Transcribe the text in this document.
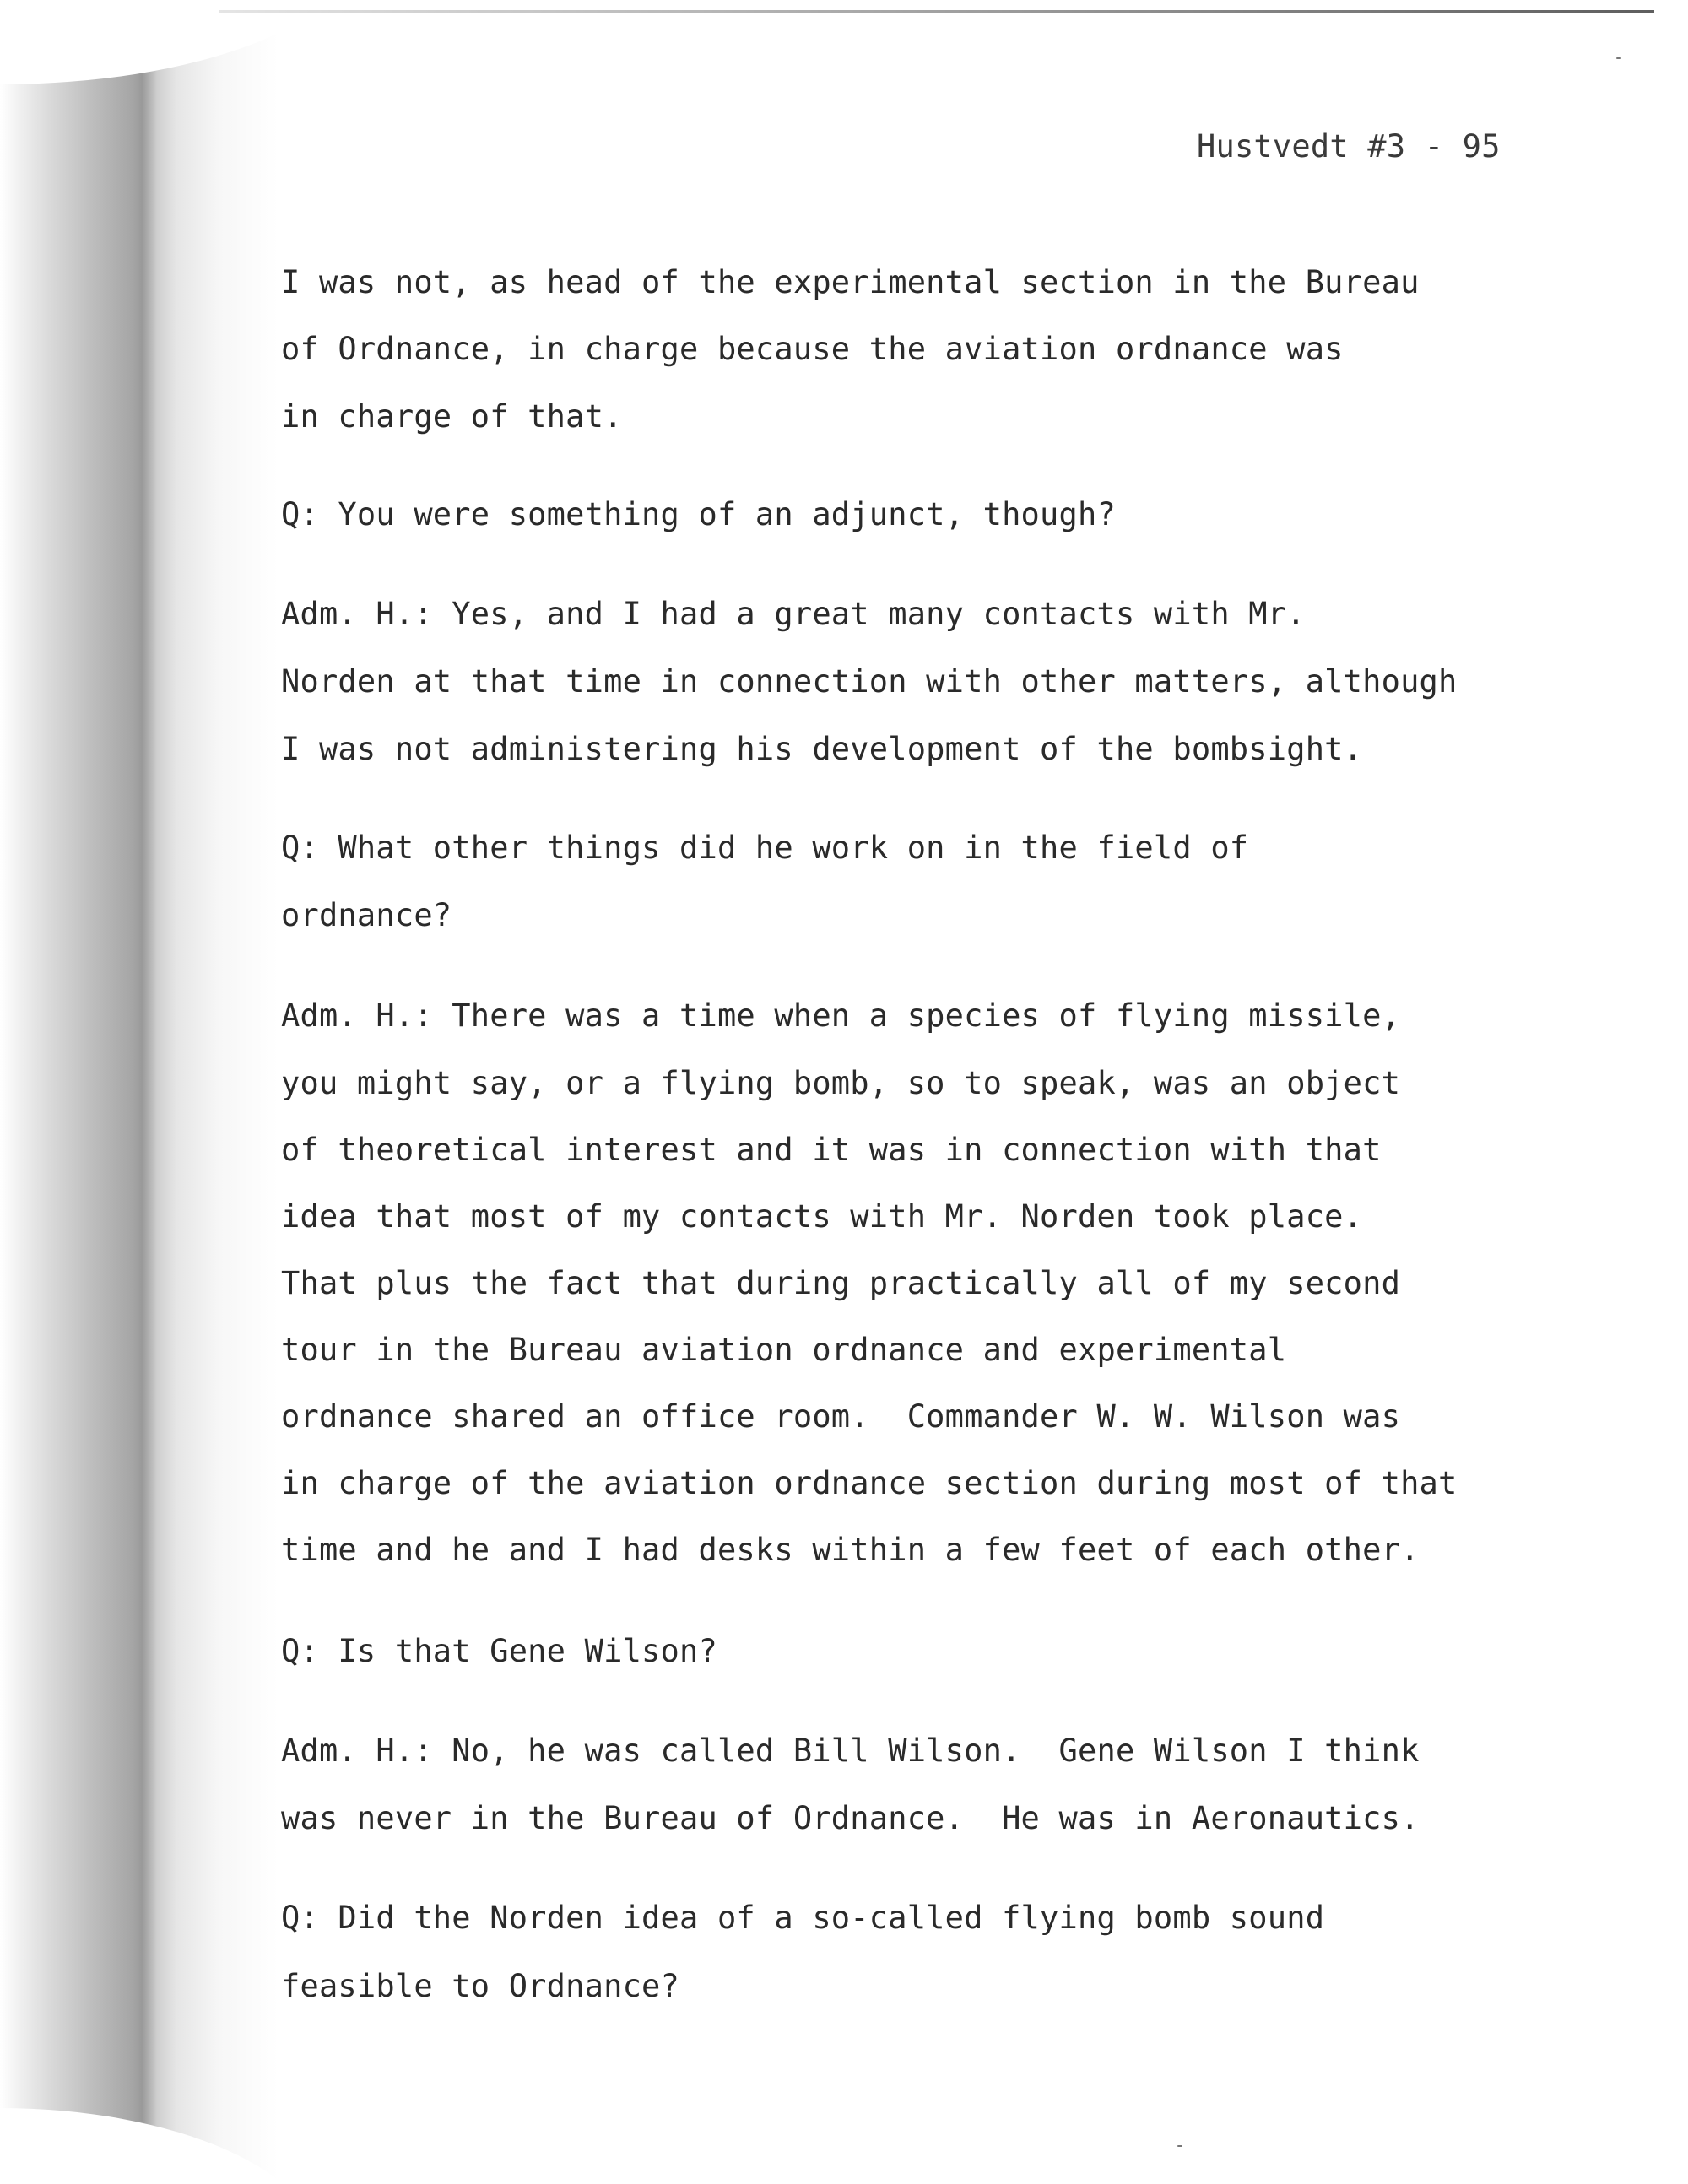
Hustvedt #3 - 95
I was not, as head of the experimental section in the Bureau
of Ordnance, in charge because the aviation ordnance was
in charge of that.
Q: You were something of an adjunct, though?
Adm. H.: Yes, and I had a great many contacts with Mr.
Norden at that time in connection with other matters, although
I was not administering his development of the bombsight.
Q: What other things did he work on in the field of
ordnance?
Adm. H.: There was a time when a species of flying missile,
you might say, or a flying bomb, so to speak, was an object
of theoretical interest and it was in connection with that
idea that most of my contacts with Mr. Norden took place.
That plus the fact that during practically all of my second
tour in the Bureau aviation ordnance and experimental
ordnance shared an office room.  Commander W. W. Wilson was
in charge of the aviation ordnance section during most of that
time and he and I had desks within a few feet of each other.
Q: Is that Gene Wilson?
Adm. H.: No, he was called Bill Wilson.  Gene Wilson I think
was never in the Bureau of Ordnance.  He was in Aeronautics.
Q: Did the Norden idea of a so-called flying bomb sound
feasible to Ordnance?
